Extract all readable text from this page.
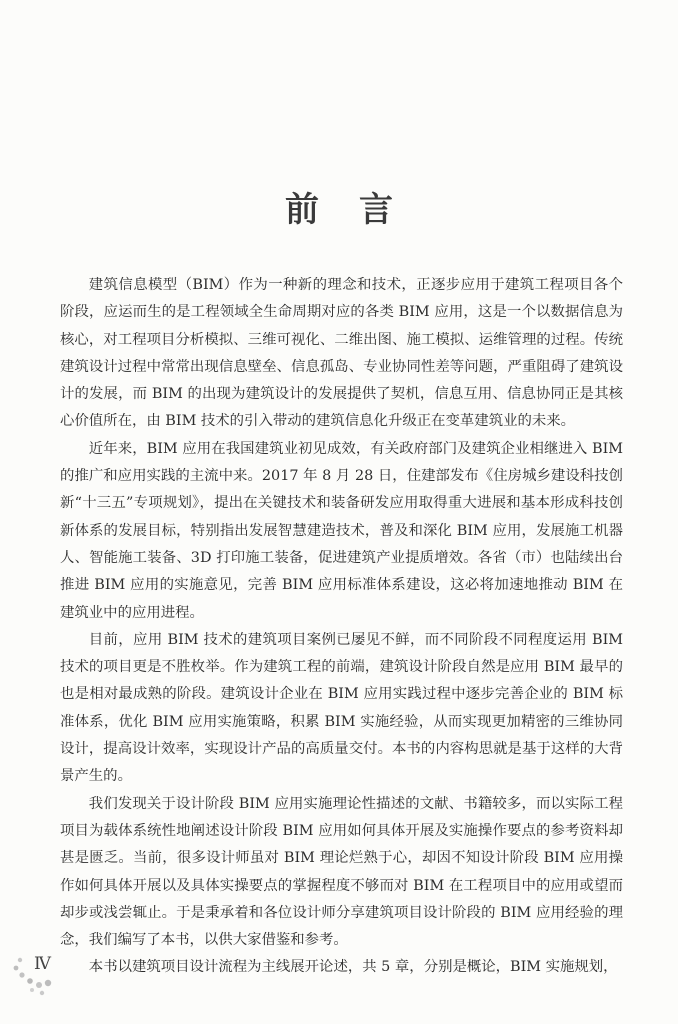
前言

建筑信息模型（BIM）作为一种新的理念和技术，正逐步应用于建筑工程项目各个阶段，应运而生的是工程领域全生命周期对应的各类 BIM 应用，这是一个以数据信息为核心，对工程项目分析模拟、三维可视化、二维出图、施工模拟、运维管理的过程。传统建筑设计过程中常常出现信息壁垒、信息孤岛、专业协同性差等问题，严重阻碍了建筑设计的发展，而 BIM 的出现为建筑设计的发展提供了契机，信息互用、信息协同正是其核心价值所在，由 BIM 技术的引入带动的建筑信息化升级正在变革建筑业的未来。

近年来，BIM 应用在我国建筑业初见成效，有关政府部门及建筑企业相继进入 BIM 的推广和应用实践的主流中来。2017 年 8 月 28 日，住建部发布《住房城乡建设科技创新“十三五”专项规划》，提出在关键技术和装备研发应用取得重大进展和基本形成科技创新体系的发展目标，特别指出发展智慧建造技术，普及和深化 BIM 应用，发展施工机器人、智能施工装备、3D 打印施工装备，促进建筑产业提质增效。各省（市）也陆续出台推进 BIM 应用的实施意见，完善 BIM 应用标准体系建设，这必将加速地推动 BIM 在建筑业中的应用进程。

目前，应用 BIM 技术的建筑项目案例已屡见不鲜，而不同阶段不同程度运用 BIM 技术的项目更是不胜枚举。作为建筑工程的前端，建筑设计阶段自然是应用 BIM 最早的也是相对最成熟的阶段。建筑设计企业在 BIM 应用实践过程中逐步完善企业的 BIM 标准体系，优化 BIM 应用实施策略，积累 BIM 实施经验，从而实现更加精密的三维协同设计，提高设计效率，实现设计产品的高质量交付。本书的内容构思就是基于这样的大背景产生的。

我们发现关于设计阶段 BIM 应用实施理论性描述的文献、书籍较多，而以实际工程项目为载体系统性地阐述设计阶段 BIM 应用如何具体开展及实施操作要点的参考资料却甚是匮乏。当前，很多设计师虽对 BIM 理论烂熟于心，却因不知设计阶段 BIM 应用操作如何具体开展以及具体实操要点的掌握程度不够而对 BIM 在工程项目中的应用或望而却步或浅尝辄止。于是秉承着和各位设计师分享建筑项目设计阶段的 BIM 应用经验的理念，我们编写了本书，以供大家借鉴和参考。

本书以建筑项目设计流程为主线展开论述，共 5 章，分别是概论，BIM 实施规划，

Ⅳ
